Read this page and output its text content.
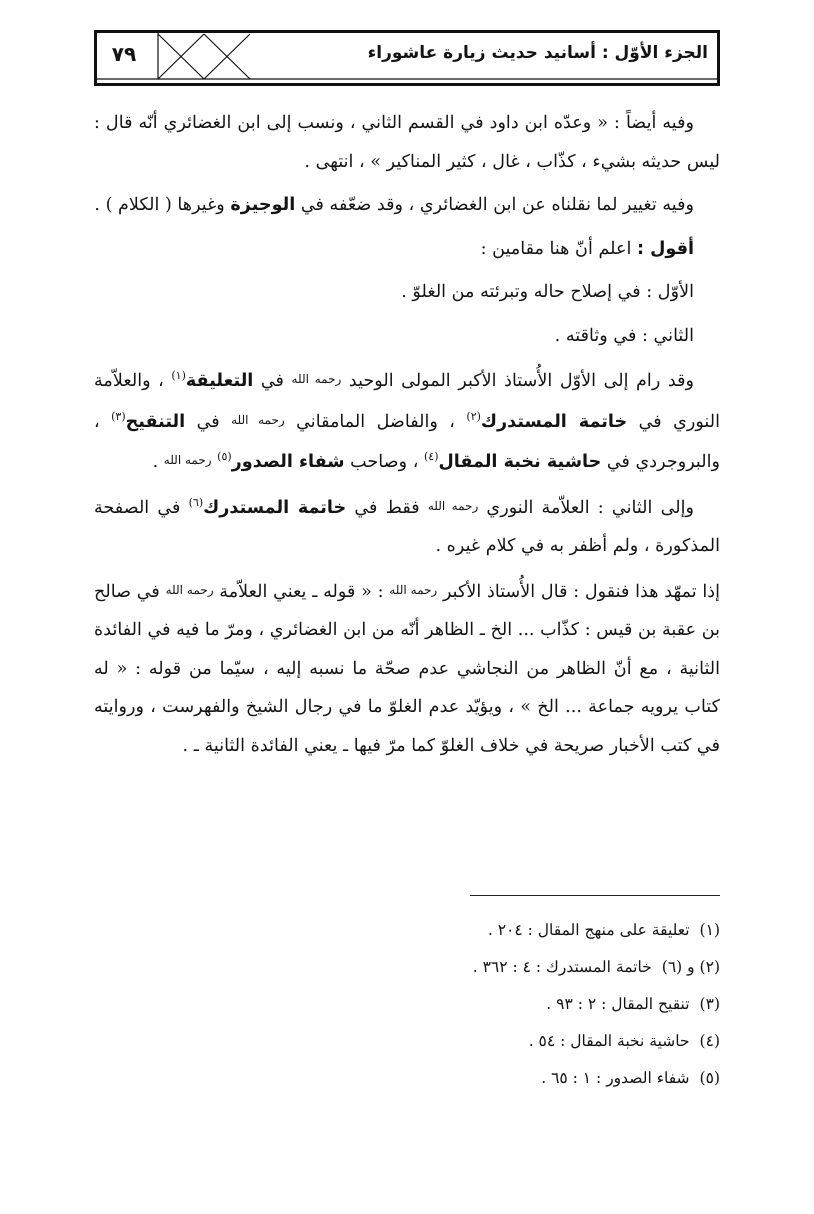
٧٩	الجزء الأوّل : أسانيد حديث زيارة عاشوراء

وفيه أيضاً : « وعدّه ابن داود في القسم الثاني ، ونسب إلى ابن الغضائري أنّه قال : ليس حديثه بشيء ، كذّاب ، غال ، كثير المناكير » ، انتهى .

وفيه تغيير لما نقلناه عن ابن الغضائري ، وقد ضعّفه في الوجيزة وغيرها ( الكلام ) .

أقول : اعلم أنّ هنا مقامين :

الأوّل : في إصلاح حاله وتبرئته من الغلوّ .

الثاني : في وثاقته .

وقد رام إلى الأوّل الأُستاذ الأكبر المولى الوحيد رحمه الله في التعليقة$^{(١)}$ ، والعلاّمة النوري في خاتمة المستدرك$^{(٢)}$ ، والفاضل المامقاني رحمه الله في التنقيح$^{(٣)}$ ، والبروجردي في حاشية نخبة المقال$^{(٤)}$ ، وصاحب شفاء الصدور$^{(٥)}$ رحمه الله .

وإلى الثاني : العلاّمة النوري رحمه الله فقط في خاتمة المستدرك$^{(٦)}$ في الصفحة المذكورة ، ولم أظفر به في كلام غيره .

إذا تمهّد هذا فنقول : قال الأُستاذ الأكبر رحمه الله : « قوله ـ يعني العلاّمة رحمه الله في صالح بن عقبة بن قيس : كذّاب ... الخ ـ الظاهر أنّه من ابن الغضائري ، ومرّ ما فيه في الفائدة الثانية ، مع أنّ الظاهر من النجاشي عدم صحّة ما نسبه إليه ، سيّما من قوله : « له كتاب يرويه جماعة ... الخ » ، ويؤيّد عدم الغلوّ ما في رجال الشيخ والفهرست ، وروايته في كتب الأخبار صريحة في خلاف الغلوّ كما مرّ فيها ـ يعني الفائدة الثانية ـ .

(١)تعليقة على منهج المقال : ٢٠٤ .
(٢) و (٦)خاتمة المستدرك : ٤ : ٣٦٢ .
(٣)تنقيح المقال : ٢ : ٩٣ .
(٤)حاشية نخبة المقال : ٥٤ .
(٥)شفاء الصدور : ١ : ٦٥ .
